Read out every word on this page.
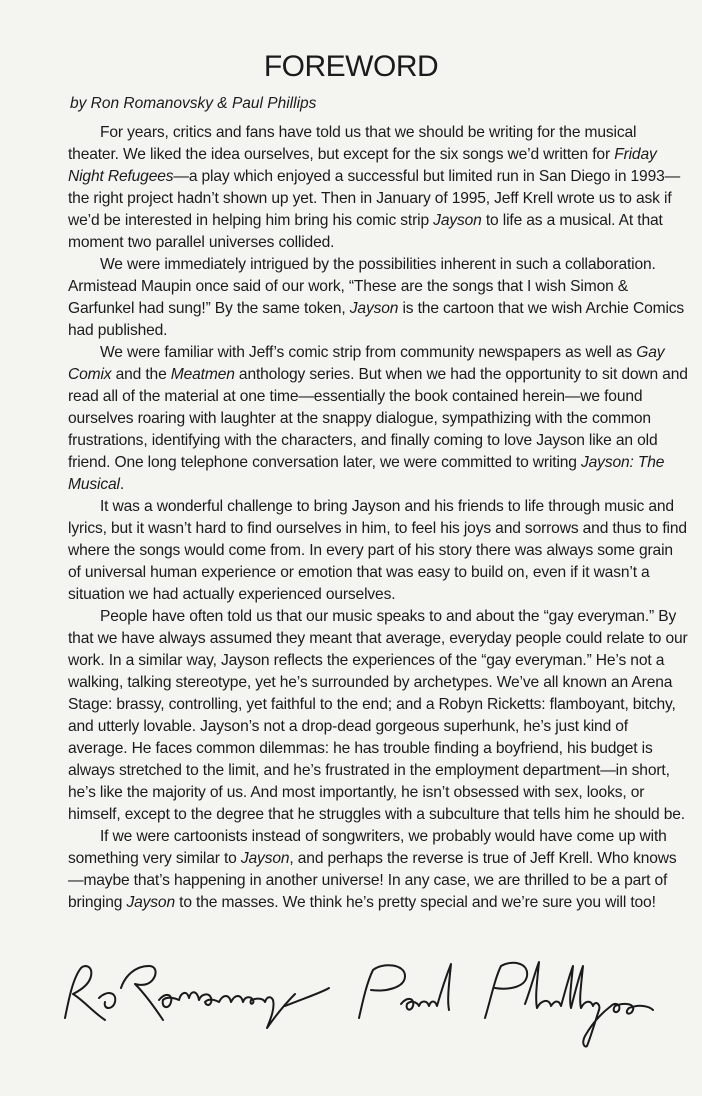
FOREWORD

by Ron Romanovsky & Paul Phillips

For years, critics and fans have told us that we should be writing for the musical theater. We liked the idea ourselves, but except for the six songs we’d written for Friday Night Refugees—a play which enjoyed a successful but limited run in San Diego in 1993—the right project hadn’t shown up yet. Then in January of 1995, Jeff Krell wrote us to ask if we’d be interested in helping him bring his comic strip Jayson to life as a musical. At that moment two parallel universes collided.

We were immediately intrigued by the possibilities inherent in such a collaboration. Armistead Maupin once said of our work, “These are the songs that I wish Simon & Garfunkel had sung!” By the same token, Jayson is the cartoon that we wish Archie Comics had published.

We were familiar with Jeff’s comic strip from community newspapers as well as Gay Comix and the Meatmen anthology series. But when we had the opportunity to sit down and read all of the material at one time—essentially the book contained herein—we found ourselves roaring with laughter at the snappy dialogue, sympathizing with the common frustrations, identifying with the characters, and finally coming to love Jayson like an old friend. One long telephone conversation later, we were committed to writing Jayson: The Musical.

It was a wonderful challenge to bring Jayson and his friends to life through music and lyrics, but it wasn’t hard to find ourselves in him, to feel his joys and sorrows and thus to find where the songs would come from. In every part of his story there was always some grain of universal human experience or emotion that was easy to build on, even if it wasn’t a situation we had actually experienced ourselves.

People have often told us that our music speaks to and about the “gay everyman.” By that we have always assumed they meant that average, everyday people could relate to our work. In a similar way, Jayson reflects the experiences of the “gay everyman.” He’s not a walking, talking stereotype, yet he’s surrounded by archetypes. We’ve all known an Arena Stage: brassy, controlling, yet faithful to the end; and a Robyn Ricketts: flamboyant, bitchy, and utterly lovable. Jayson’s not a drop-dead gorgeous superhunk, he’s just kind of average. He faces common dilemmas: he has trouble finding a boyfriend, his budget is always stretched to the limit, and he’s frustrated in the employment department—in short, he’s like the majority of us. And most importantly, he isn’t obsessed with sex, looks, or himself, except to the degree that he struggles with a subculture that tells him he should be.

If we were cartoonists instead of songwriters, we probably would have come up with something very similar to Jayson, and perhaps the reverse is true of Jeff Krell. Who knows—maybe that’s happening in another universe! In any case, we are thrilled to be a part of bringing Jayson to the masses. We think he’s pretty special and we’re sure you will too!
